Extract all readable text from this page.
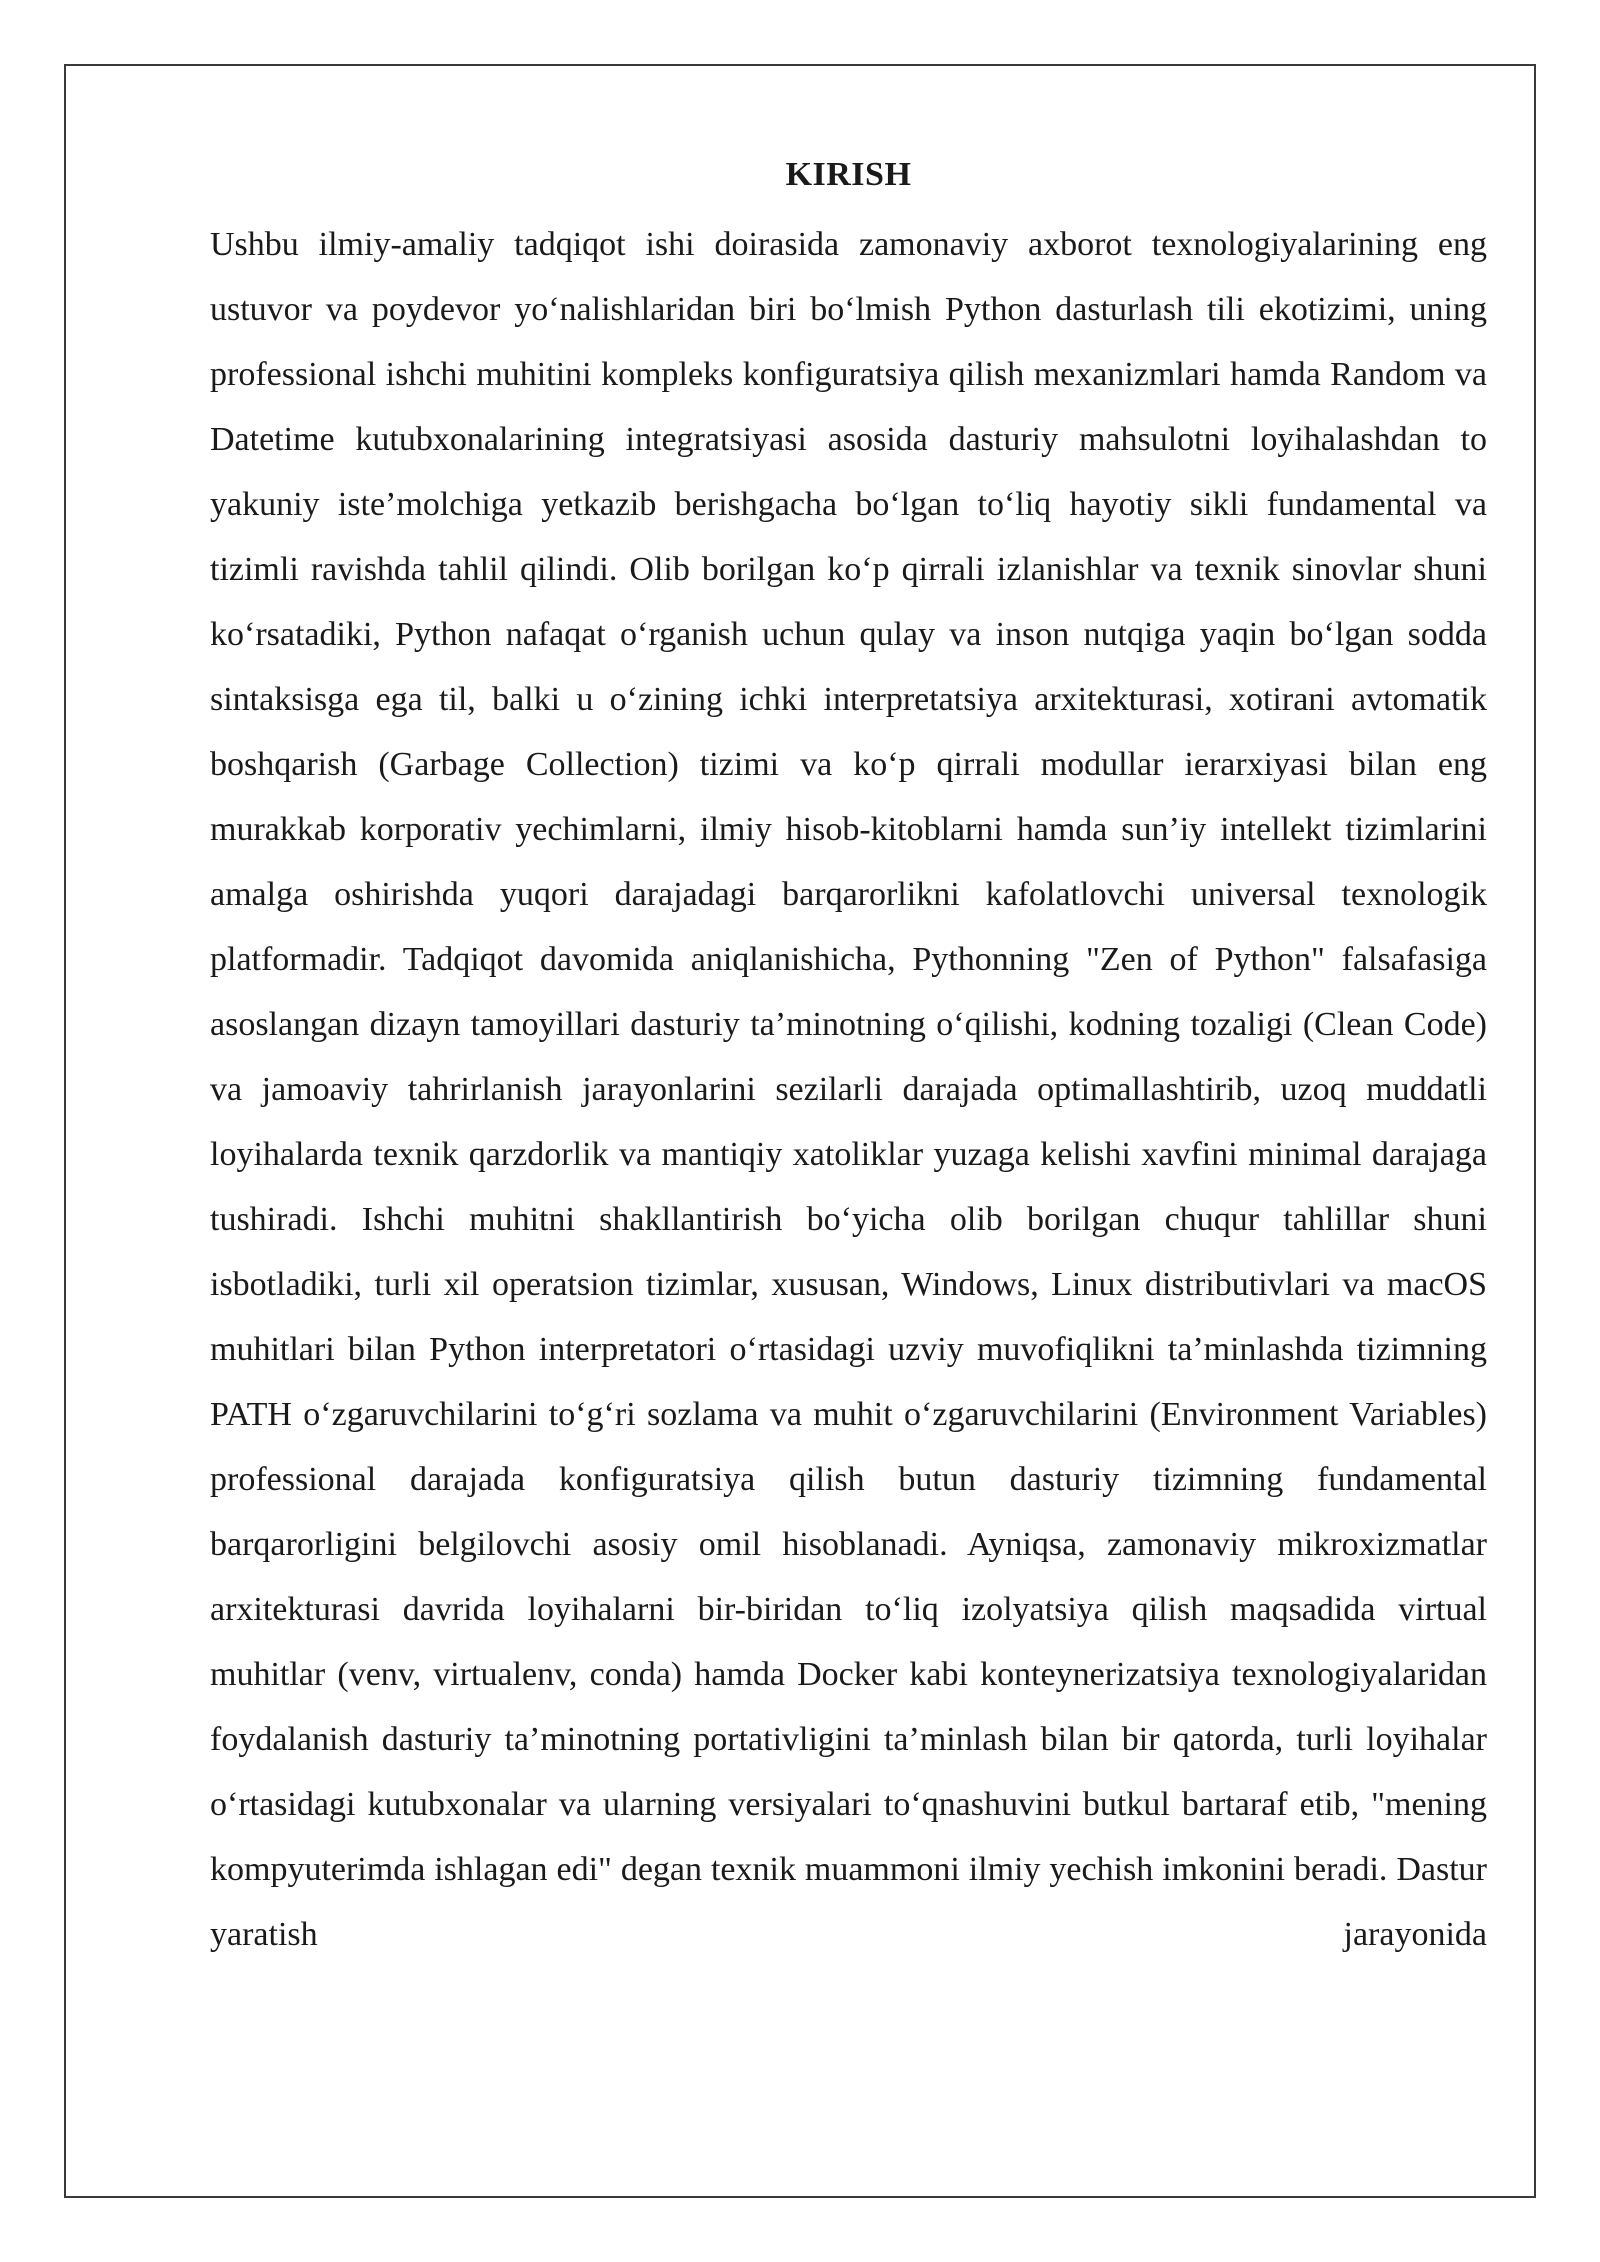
KIRISH

Ushbu ilmiy-amaliy tadqiqot ishi doirasida zamonaviy axborot texnologiyalarining eng ustuvor va poydevor yo‘nalishlaridan biri bo‘lmish Python dasturlash tili ekotizimi, uning professional ishchi muhitini kompleks konfiguratsiya qilish mexanizmlari hamda Random va Datetime kutubxonalarining integratsiyasi asosida dasturiy mahsulotni loyihalashdan to yakuniy iste’molchiga yetkazib berishgacha bo‘lgan to‘liq hayotiy sikli fundamental va tizimli ravishda tahlil qilindi. Olib borilgan ko‘p qirrali izlanishlar va texnik sinovlar shuni ko‘rsatadiki, Python nafaqat o‘rganish uchun qulay va inson nutqiga yaqin bo‘lgan sodda sintaksisga ega til, balki u o‘zining ichki interpretatsiya arxitekturasi, xotirani avtomatik boshqarish (Garbage Collection) tizimi va ko‘p qirrali modullar ierarxiyasi bilan eng murakkab korporativ yechimlarni, ilmiy hisob-kitoblarni hamda sun’iy intellekt tizimlarini amalga oshirishda yuqori darajadagi barqarorlikni kafolatlovchi universal texnologik platformadir. Tadqiqot davomida aniqlanishicha, Pythonning "Zen of Python" falsafasiga asoslangan dizayn tamoyillari dasturiy ta’minotning o‘qilishi, kodning tozaligi (Clean Code) va jamoaviy tahrirlanish jarayonlarini sezilarli darajada optimallashtirib, uzoq muddatli loyihalarda texnik qarzdorlik va mantiqiy xatoliklar yuzaga kelishi xavfini minimal darajaga tushiradi. Ishchi muhitni shakllantirish bo‘yicha olib borilgan chuqur tahlillar shuni isbotladiki, turli xil operatsion tizimlar, xususan, Windows, Linux distributivlari va macOS muhitlari bilan Python interpretatori o‘rtasidagi uzviy muvofiqlikni ta’minlashda tizimning PATH o‘zgaruvchilarini to‘g‘ri sozlama va muhit o‘zgaruvchilarini (Environment Variables) professional darajada konfiguratsiya qilish butun dasturiy tizimning fundamental barqarorligini belgilovchi asosiy omil hisoblanadi. Ayniqsa, zamonaviy mikroxizmatlar arxitekturasi davrida loyihalarni bir-biridan to‘liq izolyatsiya qilish maqsadida virtual muhitlar (venv, virtualenv, conda) hamda Docker kabi konteynerizatsiya texnologiyalaridan foydalanish dasturiy ta’minotning portativligini ta’minlash bilan bir qatorda, turli loyihalar o‘rtasidagi kutubxonalar va ularning versiyalari to‘qnashuvini butkul bartaraf etib, "mening kompyuterimda ishlagan edi" degan texnik muammoni ilmiy yechish imkonini beradi. Dastur yaratish jarayonida
